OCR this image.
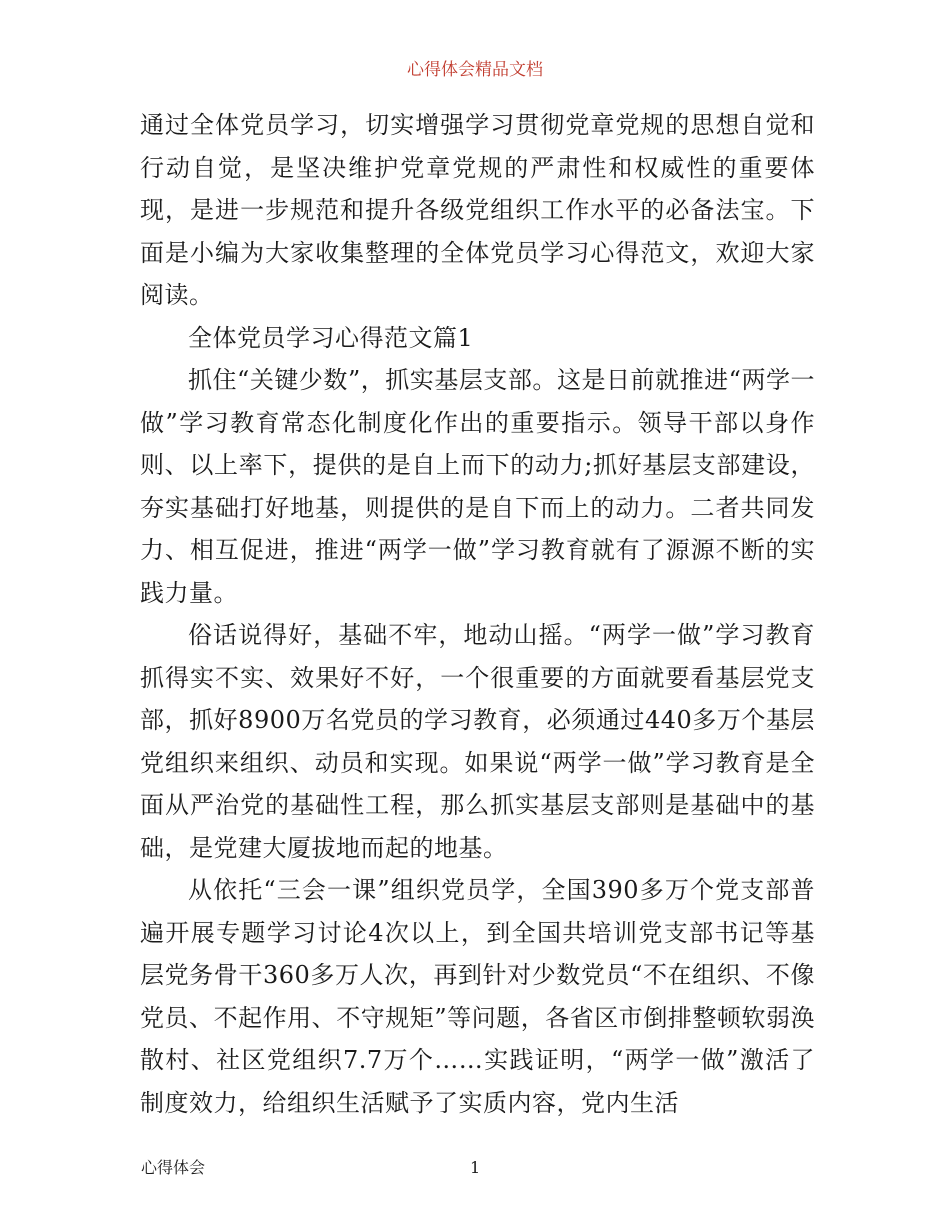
心得体会精品文档

通过全体党员学习，切实增强学习贯彻党章党规的思想自觉和行动自觉，是坚决维护党章党规的严肃性和权威性的重要体现，是进一步规范和提升各级党组织工作水平的必备法宝。下面是小编为大家收集整理的全体党员学习心得范文，欢迎大家阅读。

全体党员学习心得范文篇1

抓住“关键少数”，抓实基层支部。这是日前就推进“两学一做”学习教育常态化制度化作出的重要指示。领导干部以身作则、以上率下，提供的是自上而下的动力;抓好基层支部建设，夯实基础打好地基，则提供的是自下而上的动力。二者共同发力、相互促进，推进“两学一做”学习教育就有了源源不断的实践力量。

俗话说得好，基础不牢，地动山摇。“两学一做”学习教育抓得实不实、效果好不好，一个很重要的方面就要看基层党支部，抓好8900万名党员的学习教育，必须通过440多万个基层党组织来组织、动员和实现。如果说“两学一做”学习教育是全面从严治党的基础性工程，那么抓实基层支部则是基础中的基础，是党建大厦拔地而起的地基。

从依托“三会一课”组织党员学，全国390多万个党支部普遍开展专题学习讨论4次以上，到全国共培训党支部书记等基层党务骨干360多万人次，再到针对少数党员“不在组织、不像党员、不起作用、不守规矩”等问题，各省区市倒排整顿软弱涣散村、社区党组织7.7万个……实践证明，“两学一做”激活了制度效力，给组织生活赋予了实质内容，党内生活

心得体会	1
